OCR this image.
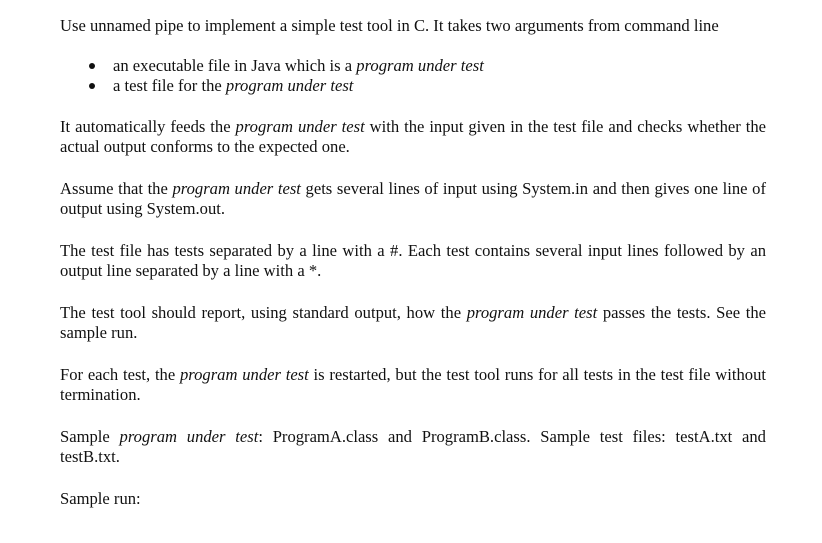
Use unnamed pipe to implement a simple test tool in C. It takes two arguments from command line

an executable file in Java which is a program under test
a test file for the program under test

It automatically feeds the program under test with the input given in the test file and checks whether the actual output conforms to the expected one.

Assume that the program under test gets several lines of input using System.in and then gives one line of output using System.out.

The test file has tests separated by a line with a #. Each test contains several input lines followed by an output line separated by a line with a *.

The test tool should report, using standard output, how the program under test passes the tests. See the sample run.

For each test, the program under test is restarted, but the test tool runs for all tests in the test file without termination.

Sample program under test: ProgramA.class and ProgramB.class. Sample test files: testA.txt and testB.txt.

Sample run:
